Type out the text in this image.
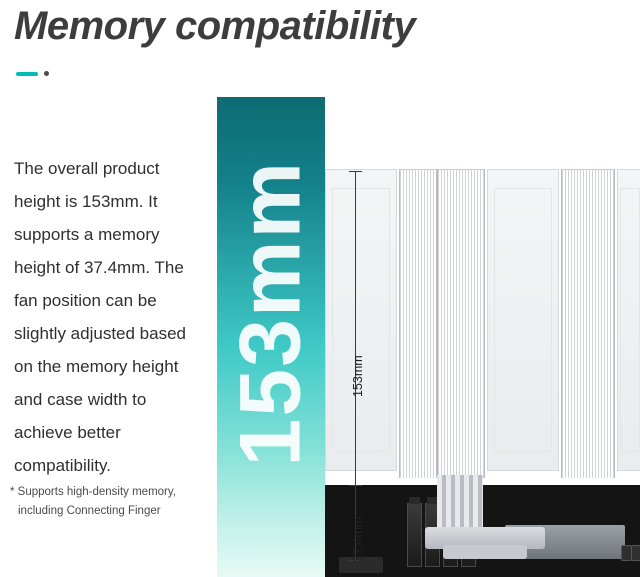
Memory compatibility
The overall product height is 153mm. It supports a memory height of 37.4mm. The fan position can be slightly adjusted based on the memory height and case width to achieve better compatibility.
* Supports high-density memory,
including Connecting Finger
153mm	153mm
37.4mm
